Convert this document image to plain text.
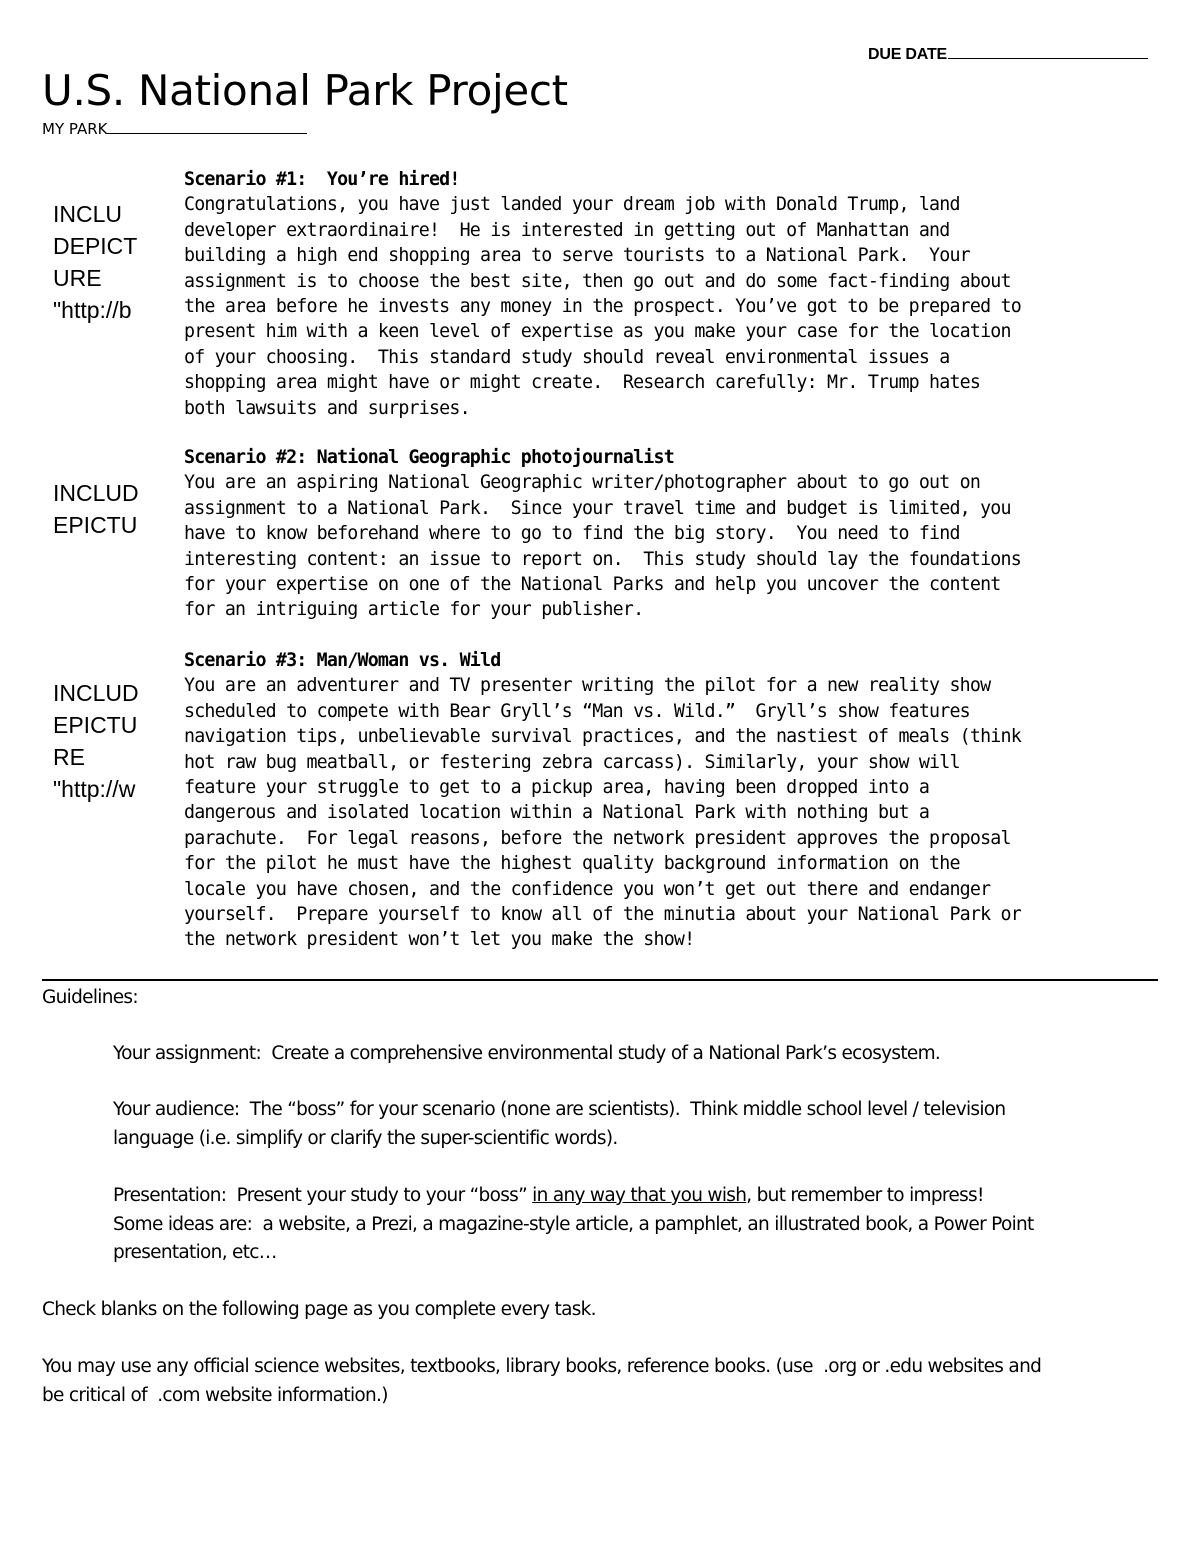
DUE DATE
U.S. National Park Project
MY PARK
INCLU
DEPICT
URE
"http://b
INCLUD
EPICTU
INCLUD
EPICTU
RE
"http://w
Scenario #1:  You’re hired!
Congratulations, you have just landed your dream job with Donald Trump, land
developer extraordinaire!  He is interested in getting out of Manhattan and
building a high end shopping area to serve tourists to a National Park.  Your
assignment is to choose the best site, then go out and do some fact-finding about
the area before he invests any money in the prospect. You’ve got to be prepared to
present him with a keen level of expertise as you make your case for the location
of your choosing.  This standard study should reveal environmental issues a
shopping area might have or might create.  Research carefully: Mr. Trump hates
both lawsuits and surprises.
Scenario #2: National Geographic photojournalist
You are an aspiring National Geographic writer/photographer about to go out on
assignment to a National Park.  Since your travel time and budget is limited, you
have to know beforehand where to go to find the big story.  You need to find
interesting content: an issue to report on.  This study should lay the foundations
for your expertise on one of the National Parks and help you uncover the content
for an intriguing article for your publisher.
Scenario #3: Man/Woman vs. Wild
You are an adventurer and TV presenter writing the pilot for a new reality show
scheduled to compete with Bear Gryll’s “Man vs. Wild.”  Gryll’s show features
navigation tips, unbelievable survival practices, and the nastiest of meals (think
hot raw bug meatball, or festering zebra carcass). Similarly, your show will
feature your struggle to get to a pickup area, having been dropped into a
dangerous and isolated location within a National Park with nothing but a
parachute.  For legal reasons, before the network president approves the proposal
for the pilot he must have the highest quality background information on the
locale you have chosen, and the confidence you won’t get out there and endanger
yourself.  Prepare yourself to know all of the minutia about your National Park or
the network president won’t let you make the show!
Guidelines:
Your assignment:  Create a comprehensive environmental study of a National Park’s ecosystem.
Your audience:  The “boss” for your scenario (none are scientists).  Think middle school level / television
language (i.e. simplify or clarify the super-scientific words).
Presentation:  Present your study to your “boss” in any way that you wish, but remember to impress!
Some ideas are:  a website, a Prezi, a magazine-style article, a pamphlet, an illustrated book, a Power Point
presentation, etc…
Check blanks on the following page as you complete every task.
You may use any official science websites, textbooks, library books, reference books. (use  .org or .edu websites and
be critical of  .com website information.)
